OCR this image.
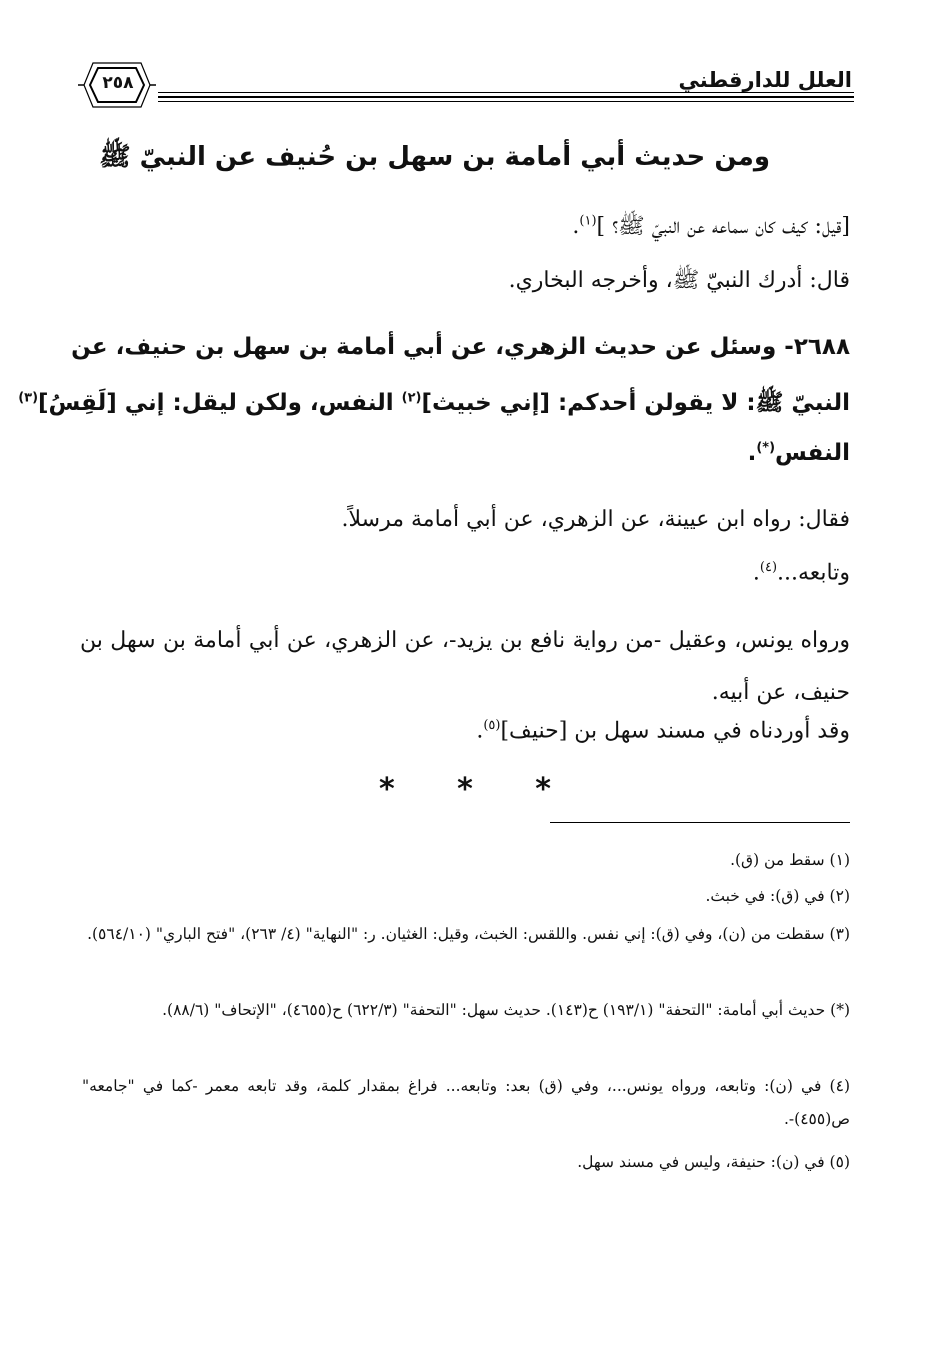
العلل للدارقطني
٢٥٨
ومن حديث أبي أمامة بن سهل بن حُنيف عن النبيّ ﷺ
[قيل: كيف كان سماعه عن النبيّ ﷺ؟ ]$^{(١)}$.
قال: أدرك النبيّ ﷺ، وأخرجه البخاري.
٢٦٨٨- وسئل عن حديث الزهري، عن أبي أمامة بن سهل بن حنيف، عن
النبيّ ﷺ: لا يقولن أحدكم: [إني خبيث]$^{(٢)}$ النفس، ولكن ليقل: إني [لَقِسُ]$^{(٣)}$
النفس(*).
فقال: رواه ابن عيينة، عن الزهري، عن أبي أمامة مرسلاً.
وتابعه...$^{(٤)}$.
ورواه يونس، وعقيل -من رواية نافع بن يزيد-، عن الزهري، عن أبي أمامة بن سهل بن حنيف، عن أبيه.
وقد أوردناه في مسند سهل بن [حنيف]$^{(٥)}$.
* * *
(١) سقط من (ق).
(٢) في (ق): في خبث.
(٣) سقطت من (ن)، وفي (ق): إني نفس. واللقس: الخبث، وقيل: الغثيان. ر: "النهاية" (٤/ ٢٦٣)، "فتح الباري" (٥٦٤/١٠).
(*) حديث أبي أمامة: "التحفة" (١٩٣/١) ح(١٤٣). حديث سهل: "التحفة" (٦٢٢/٣) ح(٤٦٥٥)، "الإتحاف" (٨٨/٦).
(٤) في (ن): وتابعه، ورواه يونس...، وفي (ق) بعد: وتابعه... فراغ بمقدار كلمة، وقد تابعه معمر -كما في "جامعه" ص(٤٥٥)-.
(٥) في (ن): حنيفة، وليس في مسند سهل.
